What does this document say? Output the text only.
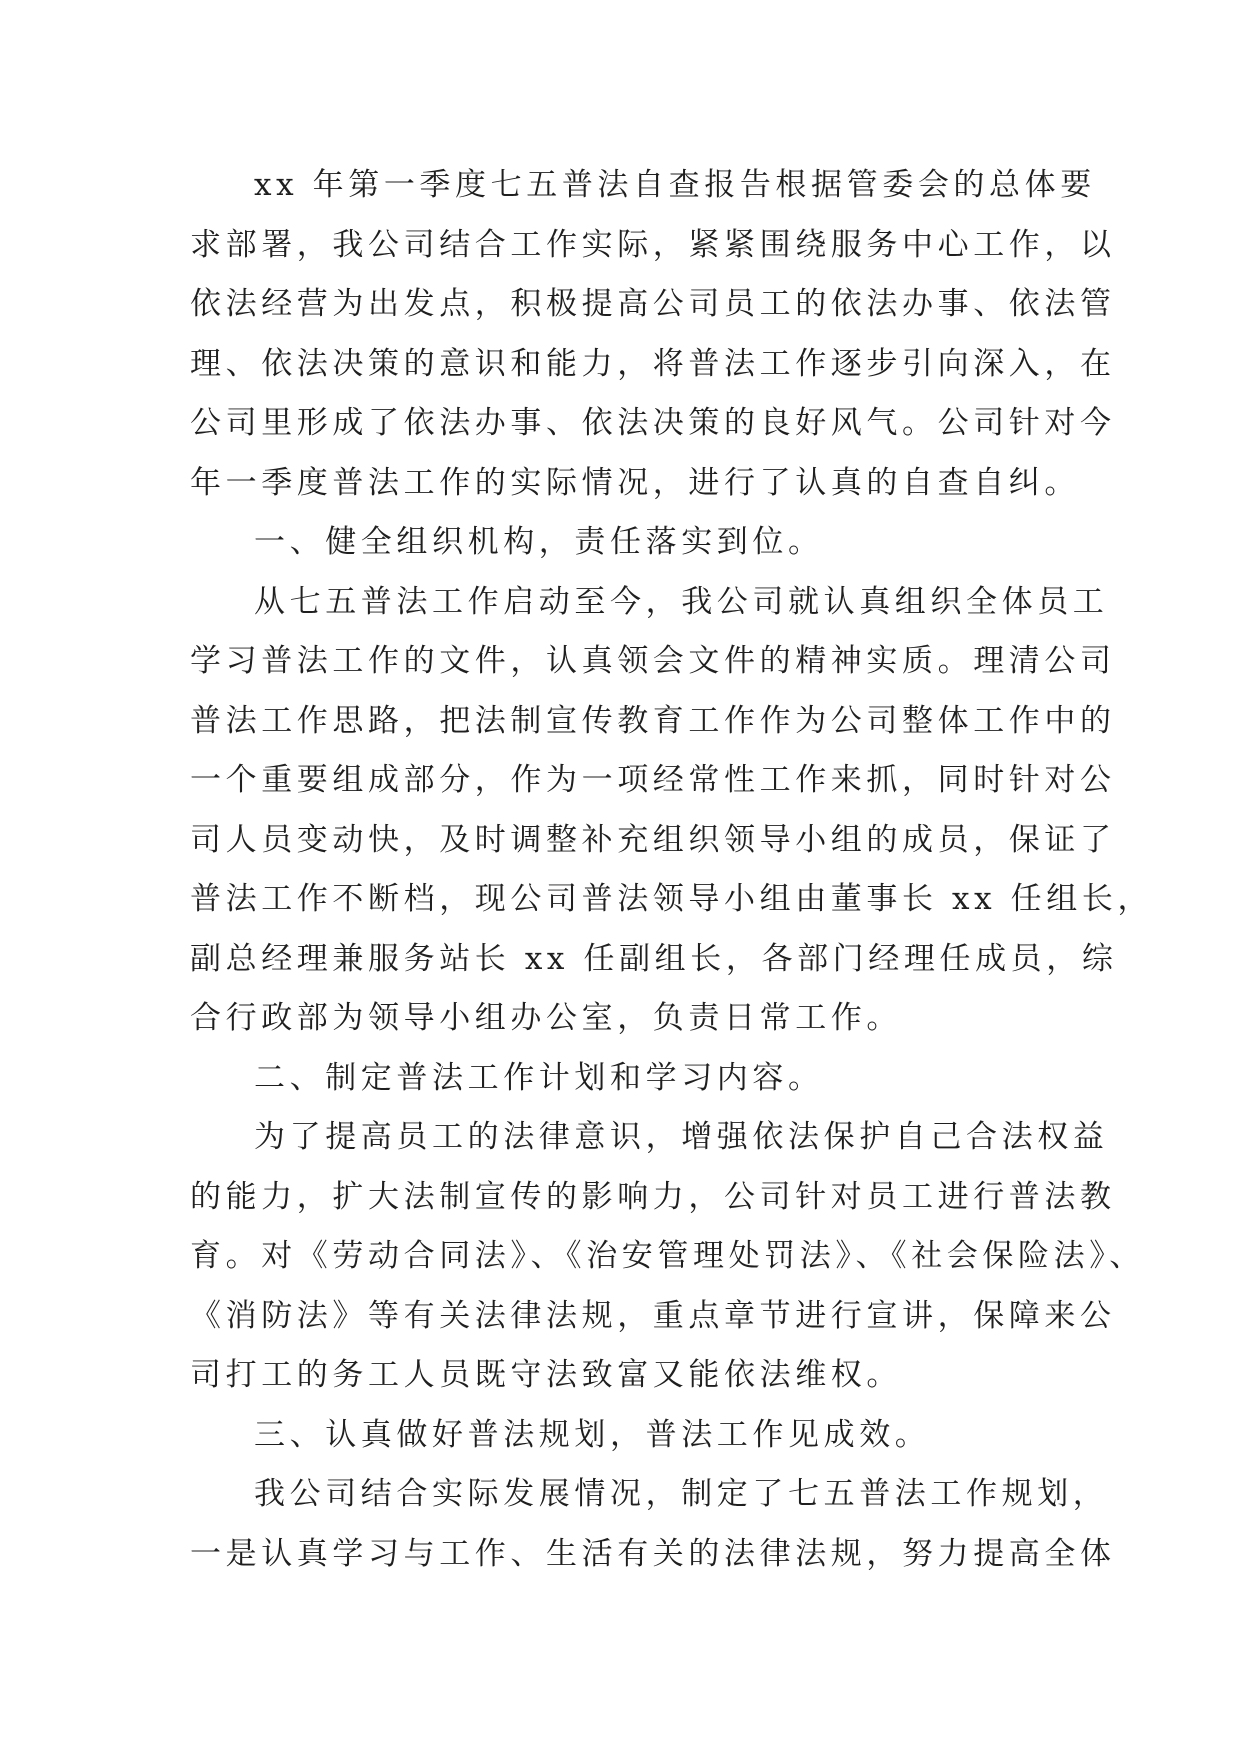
xx 年第一季度七五普法自查报告根据管委会的总体要
求部署，我公司结合工作实际，紧紧围绕服务中心工作，以
依法经营为出发点，积极提高公司员工的依法办事、依法管
理、依法决策的意识和能力，将普法工作逐步引向深入，在
公司里形成了依法办事、依法决策的良好风气。公司针对今
年一季度普法工作的实际情况，进行了认真的自查自纠。
一、健全组织机构，责任落实到位。
从七五普法工作启动至今，我公司就认真组织全体员工
学习普法工作的文件，认真领会文件的精神实质。理清公司
普法工作思路，把法制宣传教育工作作为公司整体工作中的
一个重要组成部分，作为一项经常性工作来抓，同时针对公
司人员变动快，及时调整补充组织领导小组的成员，保证了
普法工作不断档，现公司普法领导小组由董事长 xx 任组长，
副总经理兼服务站长 xx 任副组长，各部门经理任成员，综
合行政部为领导小组办公室，负责日常工作。
二、制定普法工作计划和学习内容。
为了提高员工的法律意识，增强依法保护自己合法权益
的能力，扩大法制宣传的影响力，公司针对员工进行普法教
育。对《劳动合同法》、《治安管理处罚法》、《社会保险法》、
《消防法》等有关法律法规，重点章节进行宣讲，保障来公
司打工的务工人员既守法致富又能依法维权。
三、认真做好普法规划，普法工作见成效。
我公司结合实际发展情况，制定了七五普法工作规划，
一是认真学习与工作、生活有关的法律法规，努力提高全体
